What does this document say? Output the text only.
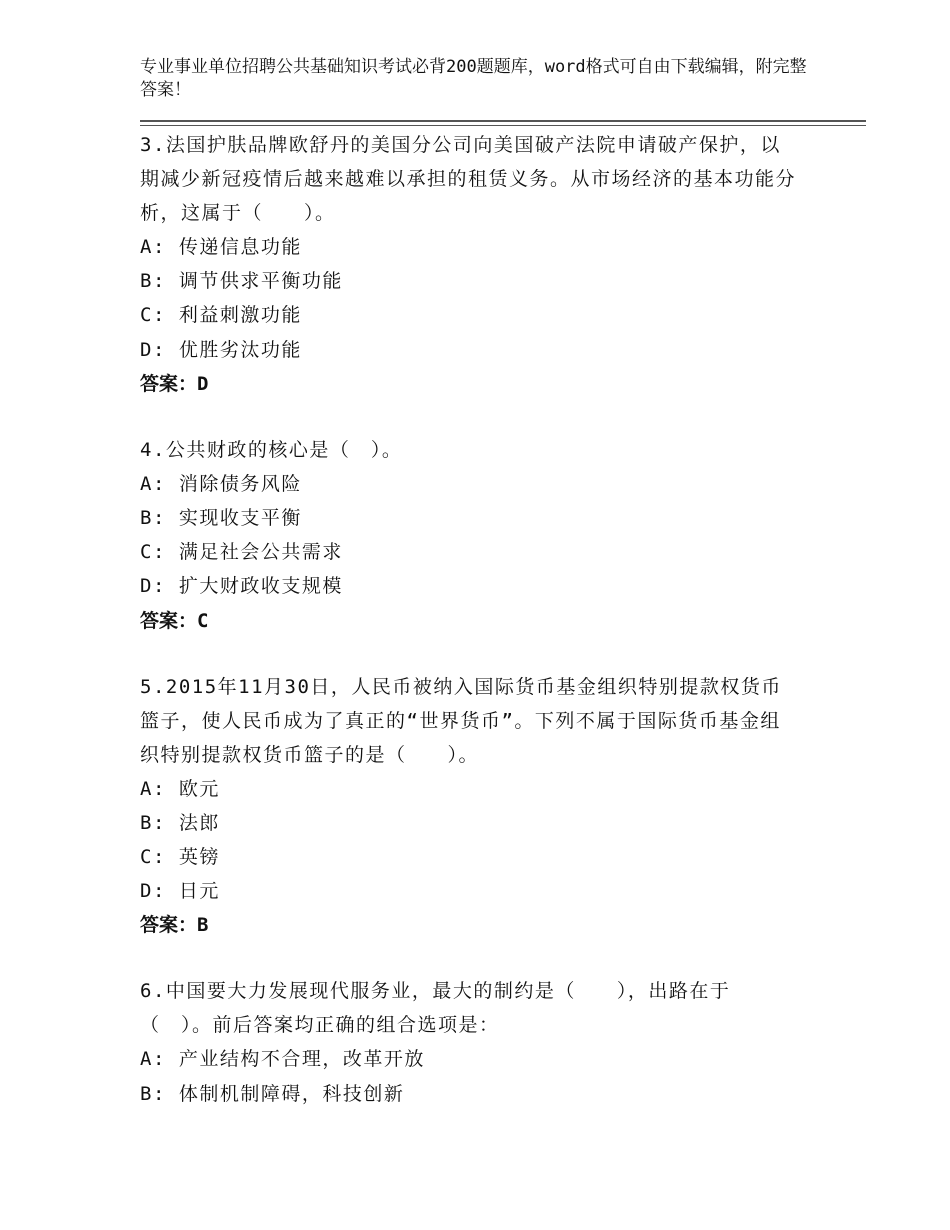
专业事业单位招聘公共基础知识考试必背200题题库，word格式可自由下载编辑，附完整答案！
3.法国护肤品牌欧舒丹的美国分公司向美国破产法院申请破产保护，以期减少新冠疫情后越来越难以承担的租赁义务。从市场经济的基本功能分析，这属于（　　）。
A: 传递信息功能
B: 调节供求平衡功能
C: 利益刺激功能
D: 优胜劣汰功能
答案：D
4.公共财政的核心是（　）。
A: 消除债务风险
B: 实现收支平衡
C: 满足社会公共需求
D: 扩大财政收支规模
答案：C
5.2015年11月30日，人民币被纳入国际货币基金组织特别提款权货币篮子，使人民币成为了真正的“世界货币”。下列不属于国际货币基金组织特别提款权货币篮子的是（　　）。
A: 欧元
B: 法郎
C: 英镑
D: 日元
答案：B
6.中国要大力发展现代服务业，最大的制约是（　　），出路在于（　）。前后答案均正确的组合选项是：
A: 产业结构不合理，改革开放
B: 体制机制障碍，科技创新
